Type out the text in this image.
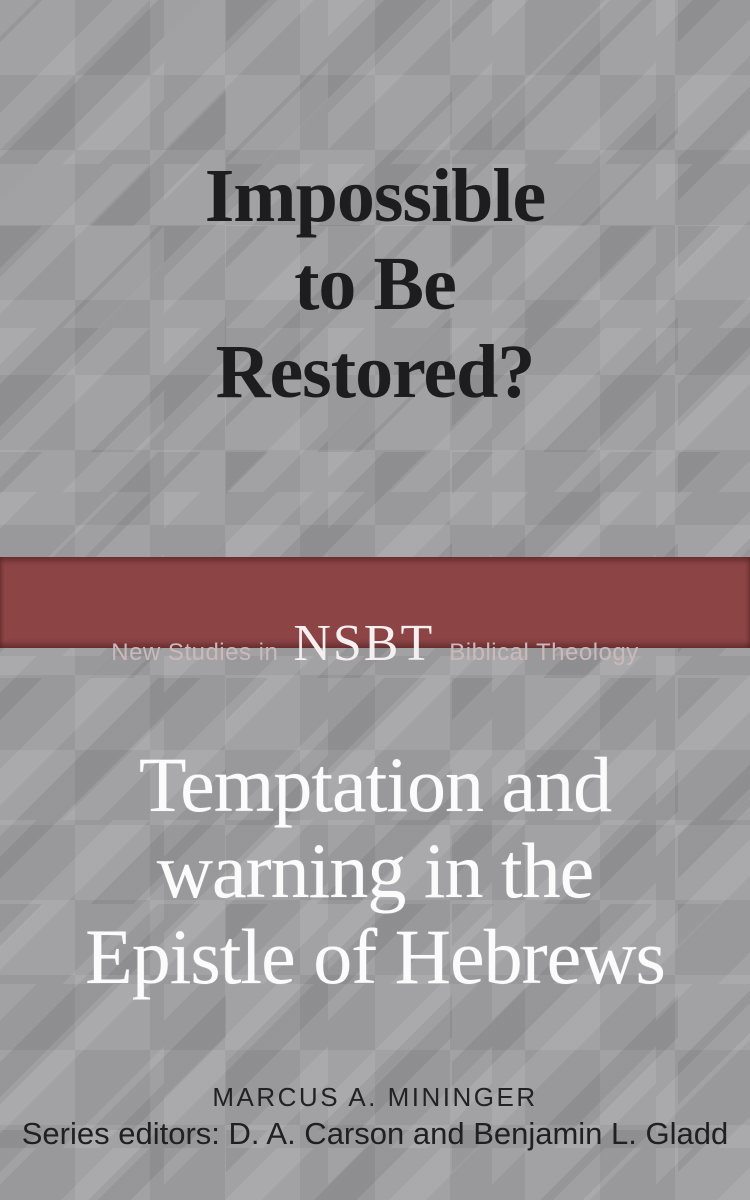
Impossible
to Be
Restored?
New Studies in NSBT Biblical Theology
Temptation and
warning in the
Epistle of Hebrews
MARCUS A. MININGER
Series editors: D. A. Carson and Benjamin L. Gladd
